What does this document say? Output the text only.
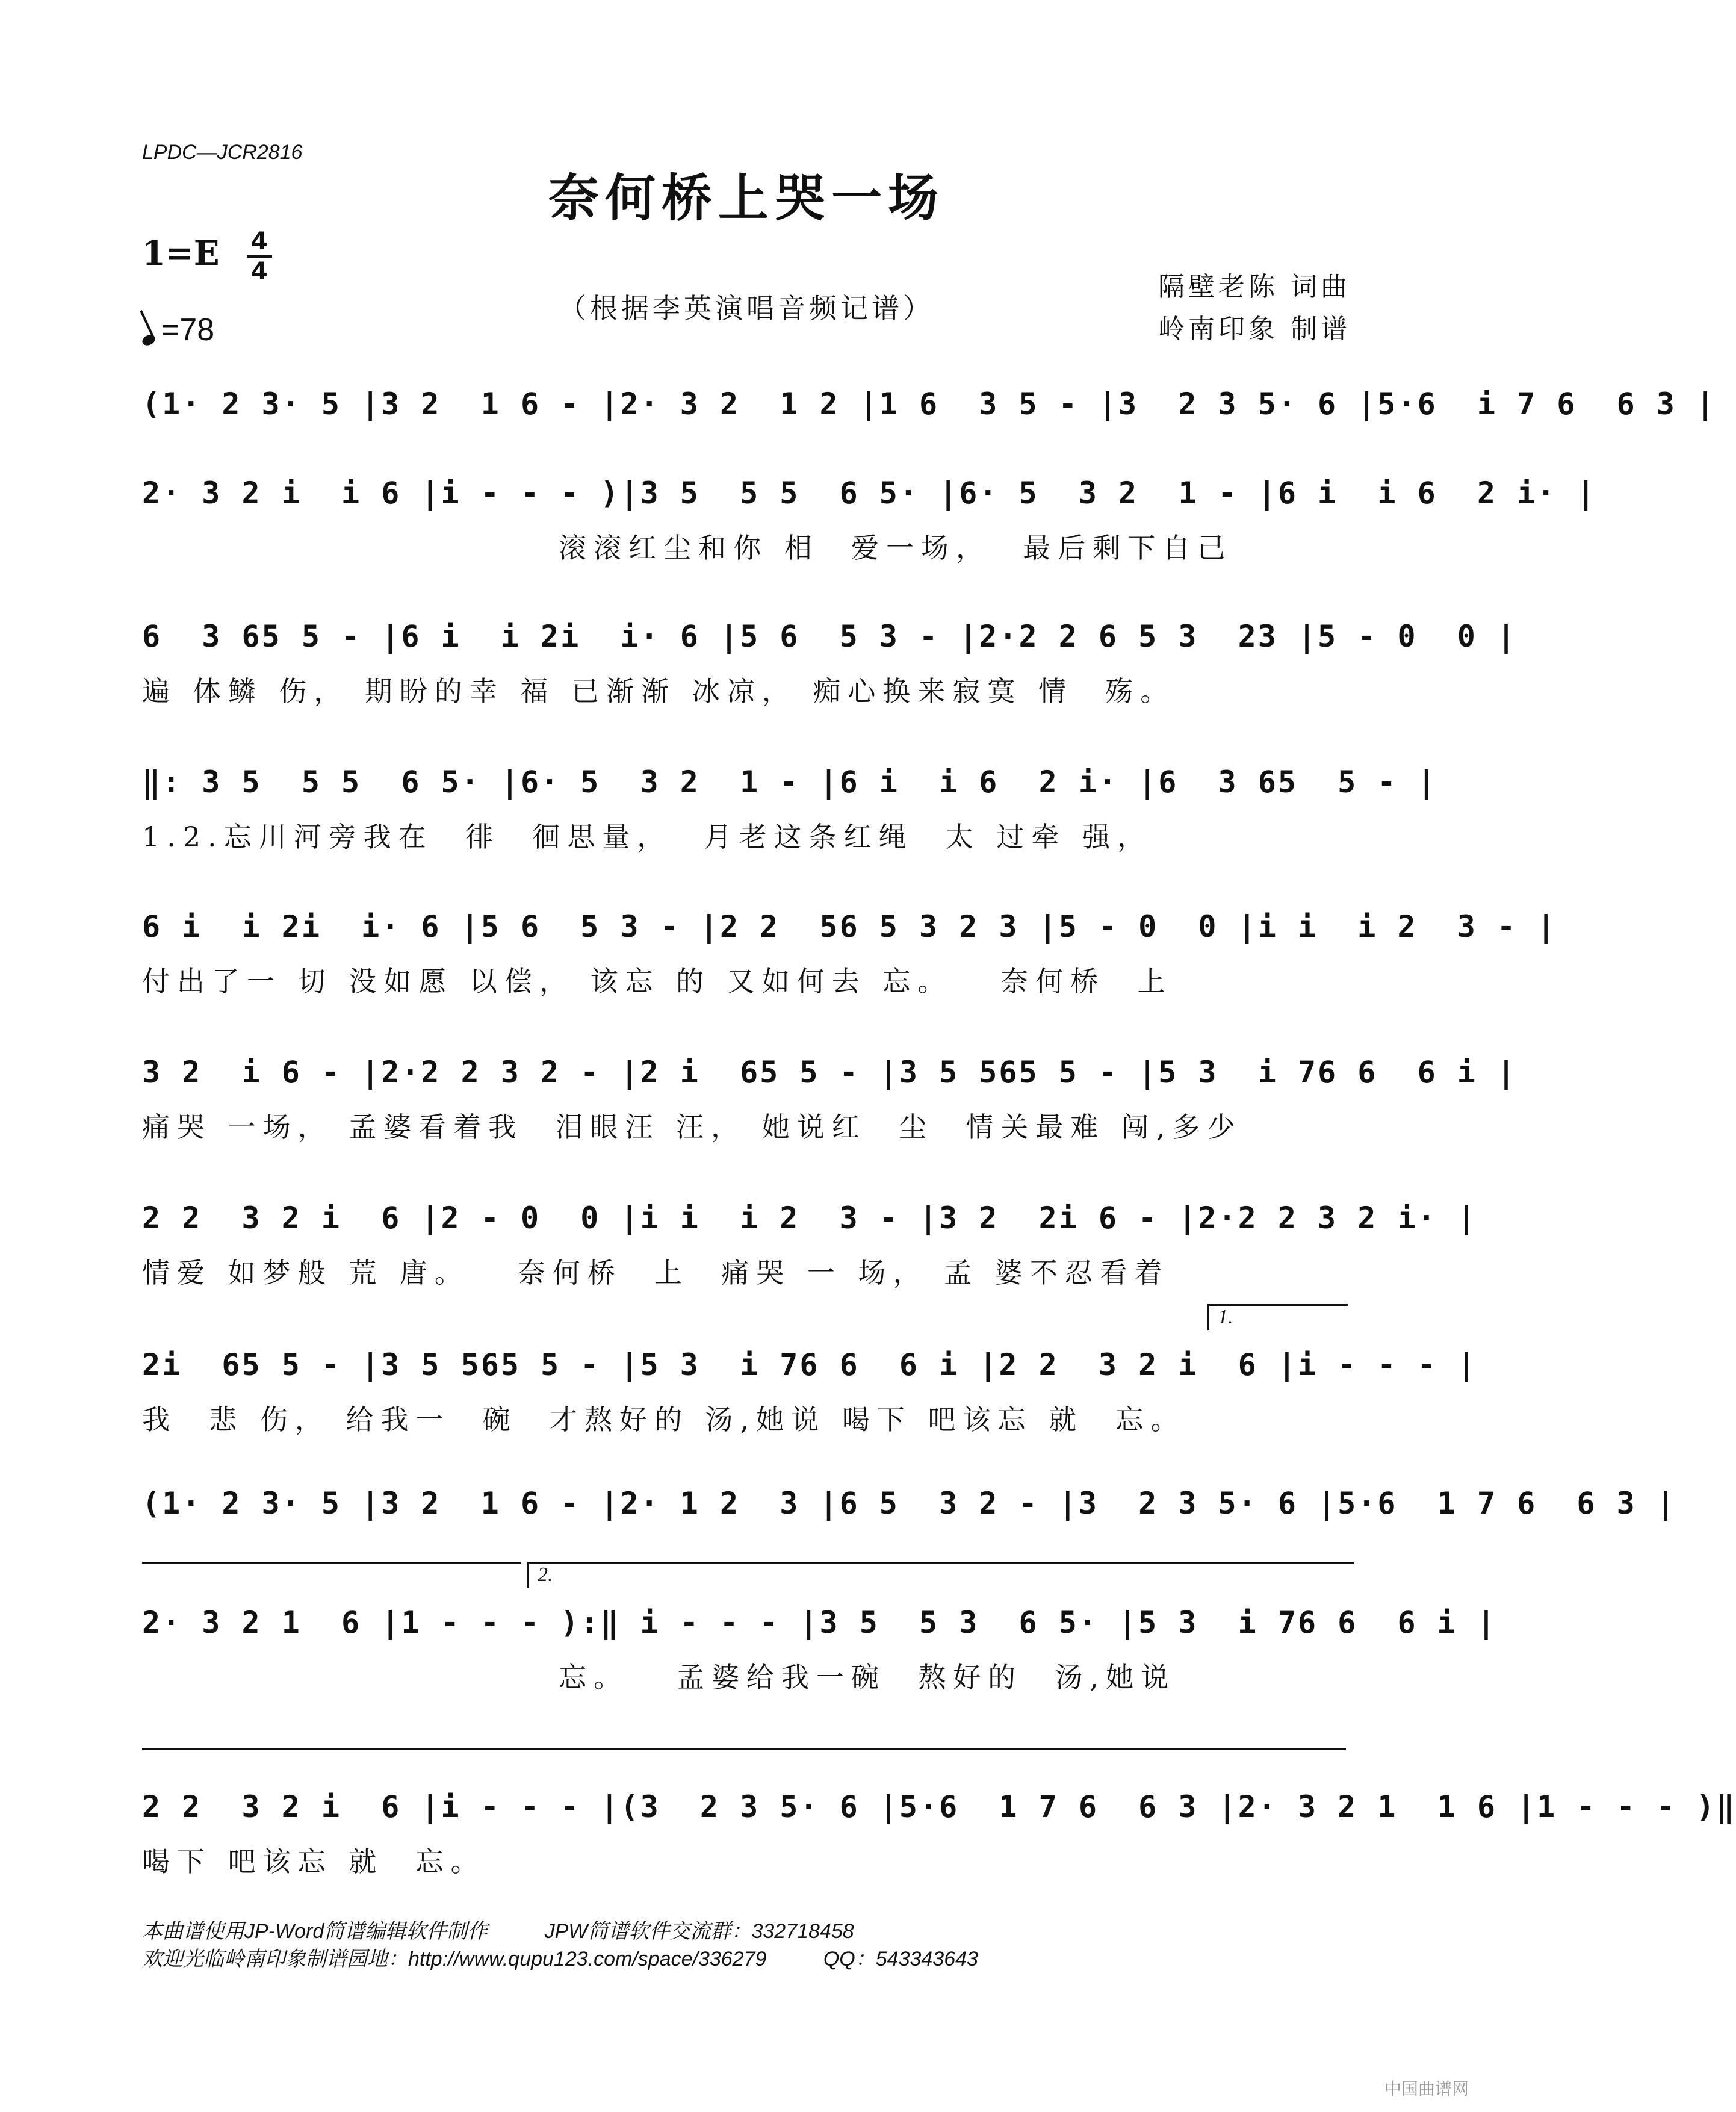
LPDC—JCR2816
奈何桥上哭一场
1=E 4
4
=78
（根据李英演唱音频记谱）
隔壁老陈 词曲
岭南印象 制谱
(1· 2 3· 5 |3 2  1 6 - |2· 3 2  1 2 |1 6  3 5 - |3  2 3 5· 6 |5·6  i 7 6  6 3 |
2· 3 2 i  i 6 |i - - - )|3 5  5 5  6 5· |6· 5  3 2  1 - |6 i  i 6  2 i· |
滚滚红尘和你 相  爱一场，  最后剩下自己
6  3 65 5 - |6 i  i 2i  i· 6 |5 6  5 3 - |2·2 2 6 5 3  23 |5 - 0  0 |
遍 体鳞 伤， 期盼的幸 福 已渐渐 冰凉， 痴心换来寂寞 情  殇。
‖: 3 5  5 5  6 5· |6· 5  3 2  1 - |6 i  i 6  2 i· |6  3 65  5 - |
1.2.忘川河旁我在  徘  徊思量，  月老这条红绳  太 过牵 强，
6 i  i 2i  i· 6 |5 6  5 3 - |2 2  56 5 3 2 3 |5 - 0  0 |i i  i 2  3 - |
付出了一 切 没如愿 以偿， 该忘 的 又如何去 忘。   奈何桥  上
3 2  i 6 - |2·2 2 3 2 - |2 i  65 5 - |3 5 565 5 - |5 3  i 76 6  6 i |
痛哭 一场， 孟婆看着我  泪眼汪 汪， 她说红  尘  情关最难 闯,多少
2 2  3 2 i  6 |2 - 0  0 |i i  i 2  3 - |3 2  2i 6 - |2·2 2 3 2 i· |
情爱 如梦般 荒 唐。   奈何桥  上  痛哭 一 场， 孟 婆不忍看着
1.
2i  65 5 - |3 5 565 5 - |5 3  i 76 6  6 i |2 2  3 2 i  6 |i - - - |
我  悲 伤， 给我一  碗  才熬好的 汤,她说 喝下 吧该忘 就  忘。
(1· 2 3· 5 |3 2  1 6 - |2· 1 2  3 |6 5  3 2 - |3  2 3 5· 6 |5·6  1 7 6  6 3 |
2.
2· 3 2 1  6 |1 - - - ):‖ i - - - |3 5  5 3  6 5· |5 3  i 76 6  6 i |
忘。   孟婆给我一碗  熬好的  汤,她说
2 2  3 2 i  6 |i - - - |(3  2 3 5· 6 |5·6  1 7 6  6 3 |2· 3 2 1  1 6 |1 - - - )‖
喝下 吧该忘 就  忘。
本曲谱使用JP-Word简谱编辑软件制作          JPW简谱软件交流群：332718458
欢迎光临岭南印象制谱园地：http://www.qupu123.com/space/336279          QQ：543343643
中国曲谱网
